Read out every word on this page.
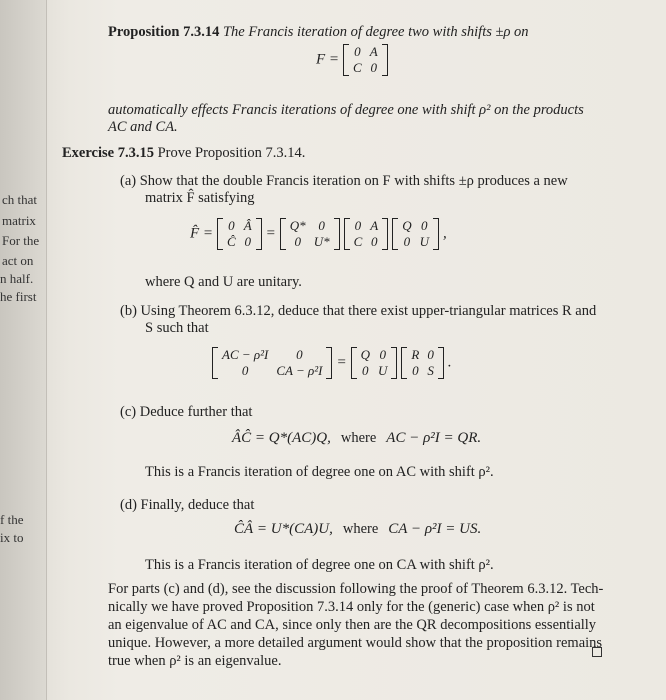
ch that
matrix
For the
act on
n half.
he first
f the
ix to
Proposition 7.3.14 The Francis iteration of degree two with shifts ±ρ on
F =
0	A
C	0
automatically effects Francis iterations of degree one with shift ρ² on the products
AC and CA.
Exercise 7.3.15 Prove Proposition 7.3.14.
(a) Show that the double Francis iteration on F with shifts ±ρ produces a new
matrix F̂ satisfying
F̂ =
0	Â
Ĉ	0 =
Q*	0
0	U*

0	A
C	0

Q	0
0	U ,
where Q and U are unitary.
(b) Using Theorem 6.3.12, deduce that there exist upper-triangular matrices R and
S such that
AC − ρ²I	0
0	CA − ρ²I =
Q	0
0	U

R	0
0	S .
(c) Deduce further that
ÂĈ = Q*(AC)Q, where AC − ρ²I = QR.
This is a Francis iteration of degree one on AC with shift ρ².
(d) Finally, deduce that
ĈÂ = U*(CA)U, where CA − ρ²I = US.
This is a Francis iteration of degree one on CA with shift ρ².
For parts (c) and (d), see the discussion following the proof of Theorem 6.3.12. Tech-
nically we have proved Proposition 7.3.14 only for the (generic) case when ρ² is not
an eigenvalue of AC and CA, since only then are the QR decompositions essentially
unique. However, a more detailed argument would show that the proposition remains
true when ρ² is an eigenvalue.
